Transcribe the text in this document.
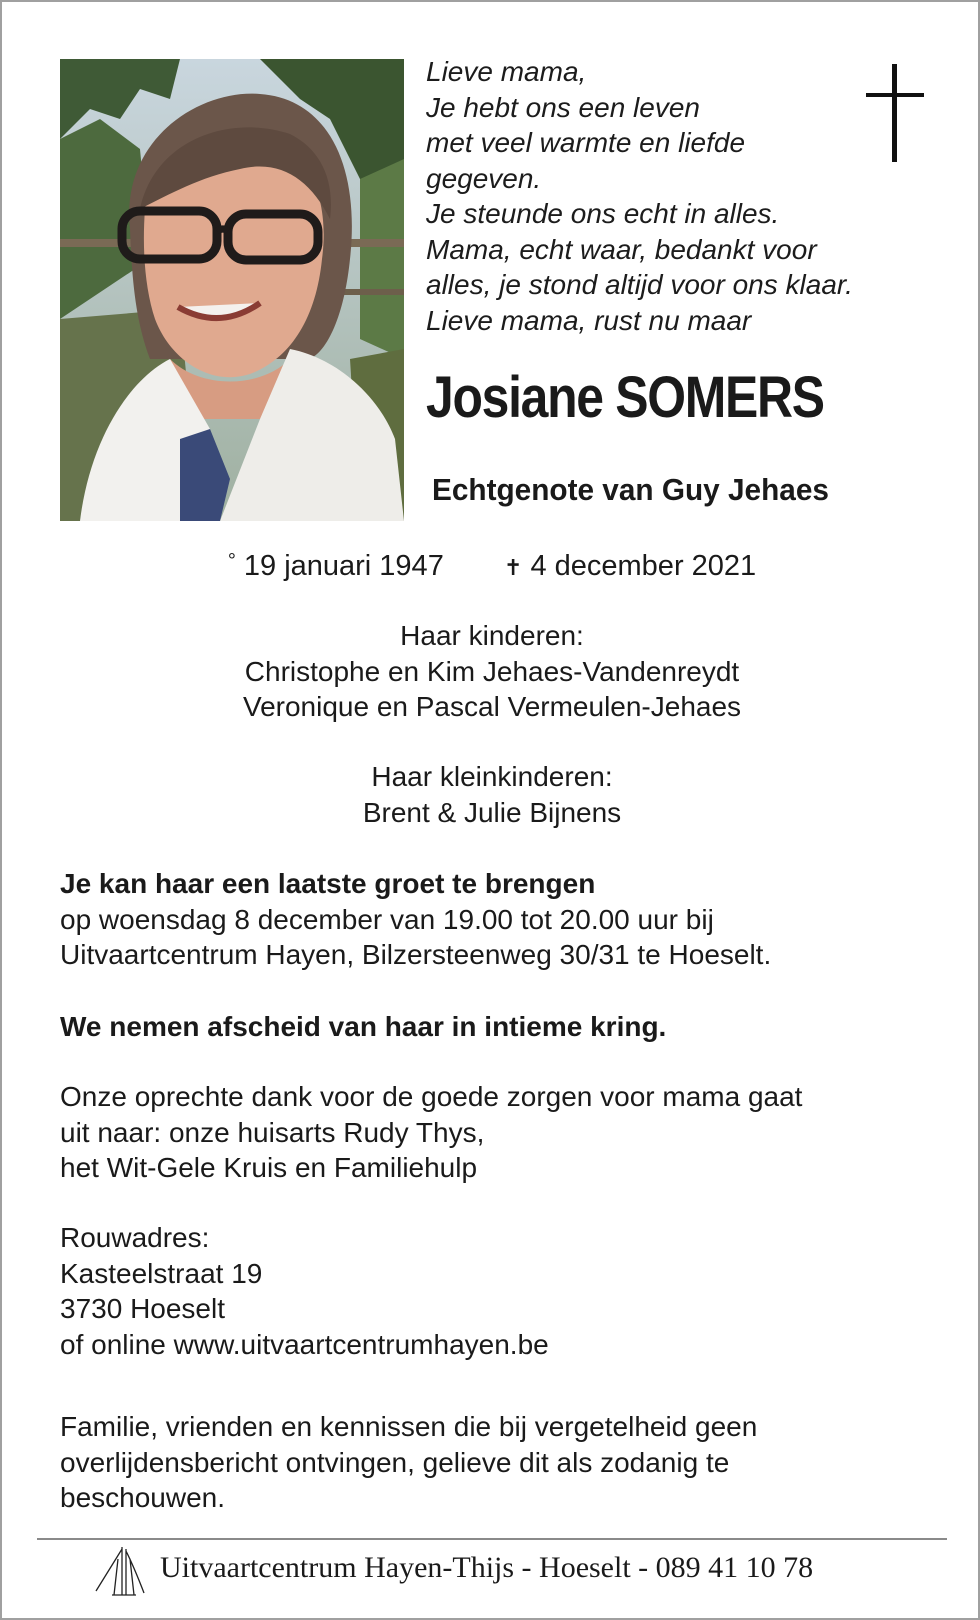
Lieve mama,
Je hebt ons een leven
met veel warmte en liefde
gegeven.
Je steunde ons echt in alles.
Mama, echt waar, bedankt voor
alles, je stond altijd voor ons klaar.
Lieve mama, rust nu maar
Josiane SOMERS
Echtgenote van Guy Jehaes
° 19 januari 1947	✝ 4 december 2021
Haar kinderen:
Christophe en Kim Jehaes-Vandenreydt
Veronique en Pascal Vermeulen-Jehaes
Haar kleinkinderen:
Brent & Julie Bijnens
Je kan haar een laatste groet te brengen
op woensdag 8 december van 19.00 tot 20.00 uur bij
Uitvaartcentrum Hayen, Bilzersteenweg 30/31 te Hoeselt.
We nemen afscheid van haar in intieme kring.
Onze oprechte dank voor de goede zorgen voor mama gaat
uit naar: onze huisarts Rudy Thys,
het Wit-Gele Kruis en Familiehulp
Rouwadres:
Kasteelstraat 19
3730 Hoeselt
of online www.uitvaartcentrumhayen.be
Familie, vrienden en kennissen die bij vergetelheid geen
overlijdensbericht ontvingen, gelieve dit als zodanig te
beschouwen.
Uitvaartcentrum Hayen-Thijs - Hoeselt - 089 41 10 78
